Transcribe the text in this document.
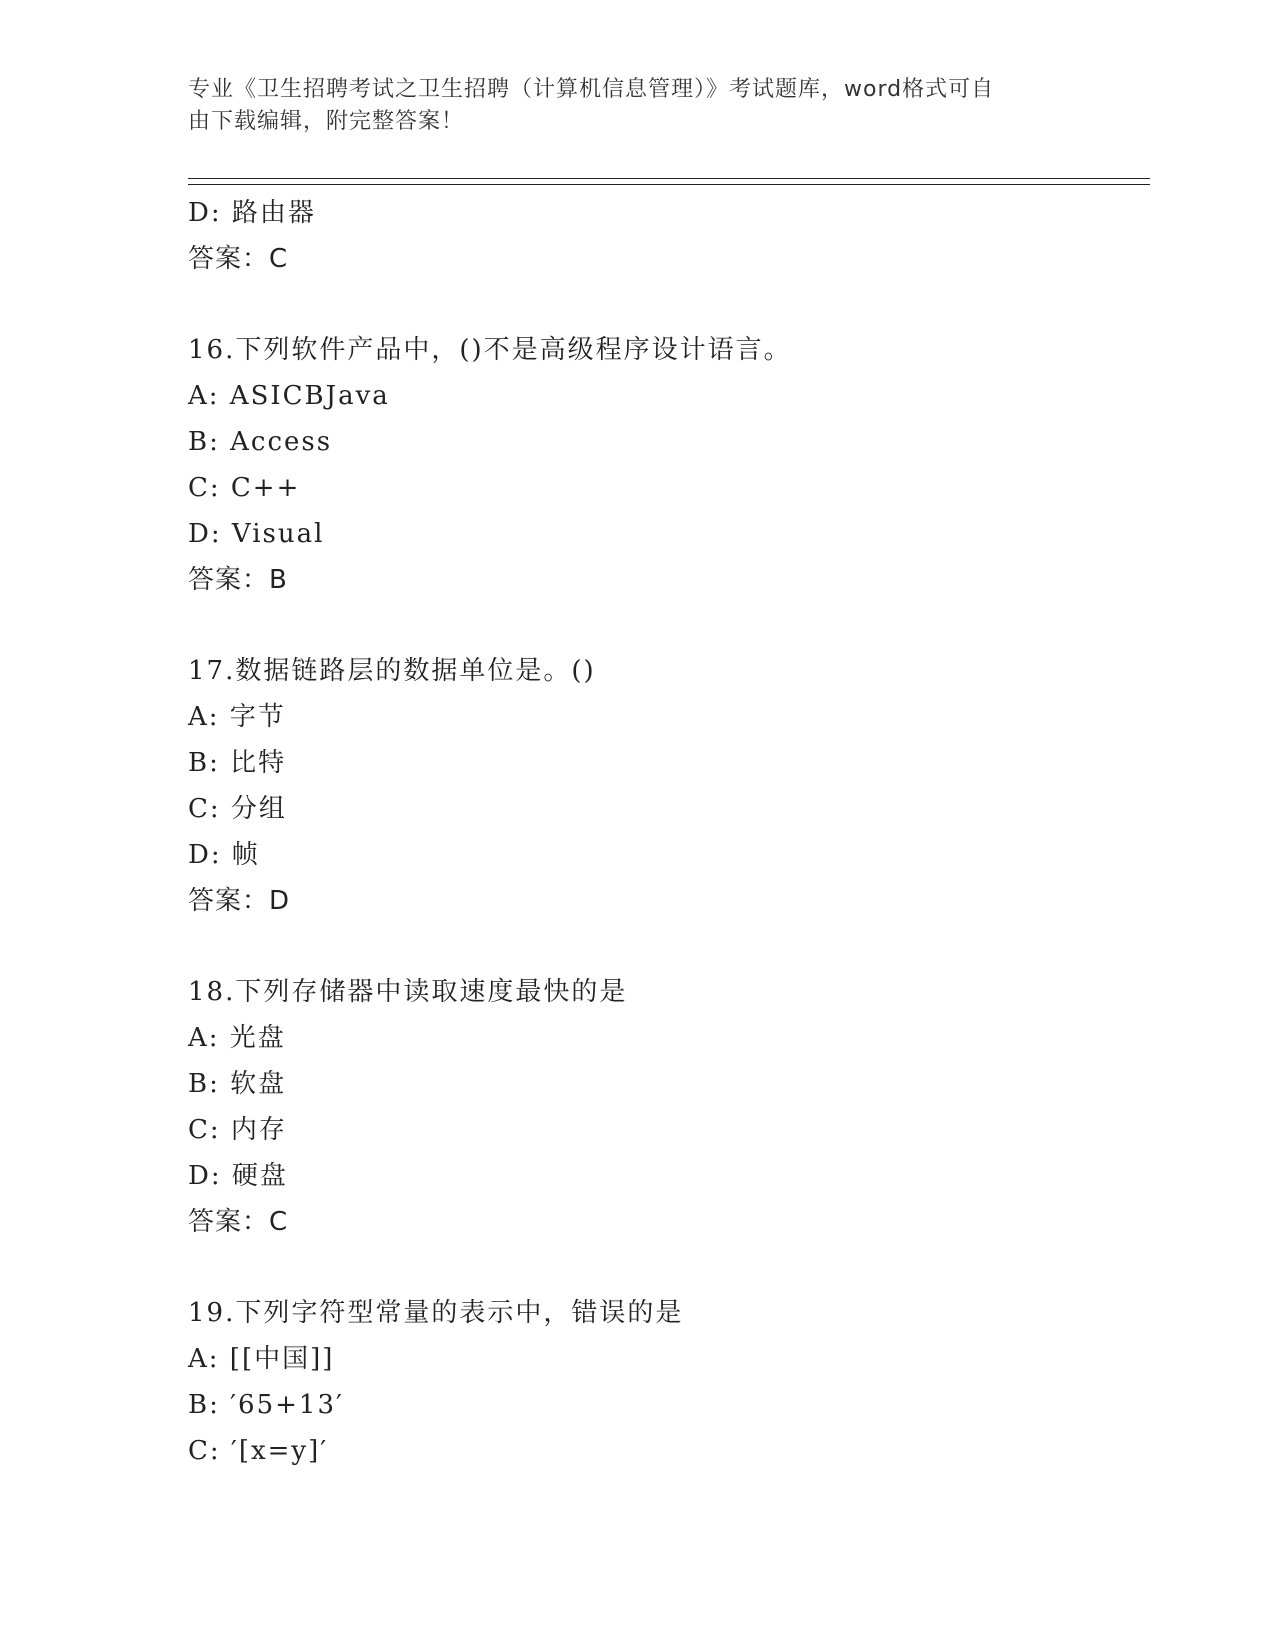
专业《卫生招聘考试之卫生招聘（计算机信息管理）》考试题库，word格式可自
由下载编辑，附完整答案！
D: 路由器
答案：C
16.下列软件产品中，()不是高级程序设计语言。
A: ASICBJava
B: Access
C: C++
D: Visual
答案：B
17.数据链路层的数据单位是。()
A: 字节
B: 比特
C: 分组
D: 帧
答案：D
18.下列存储器中读取速度最快的是
A: 光盘
B: 软盘
C: 内存
D: 硬盘
答案：C
19.下列字符型常量的表示中，错误的是
A: [[中国]]
B: ′65+13′
C: ′[x=y]′
